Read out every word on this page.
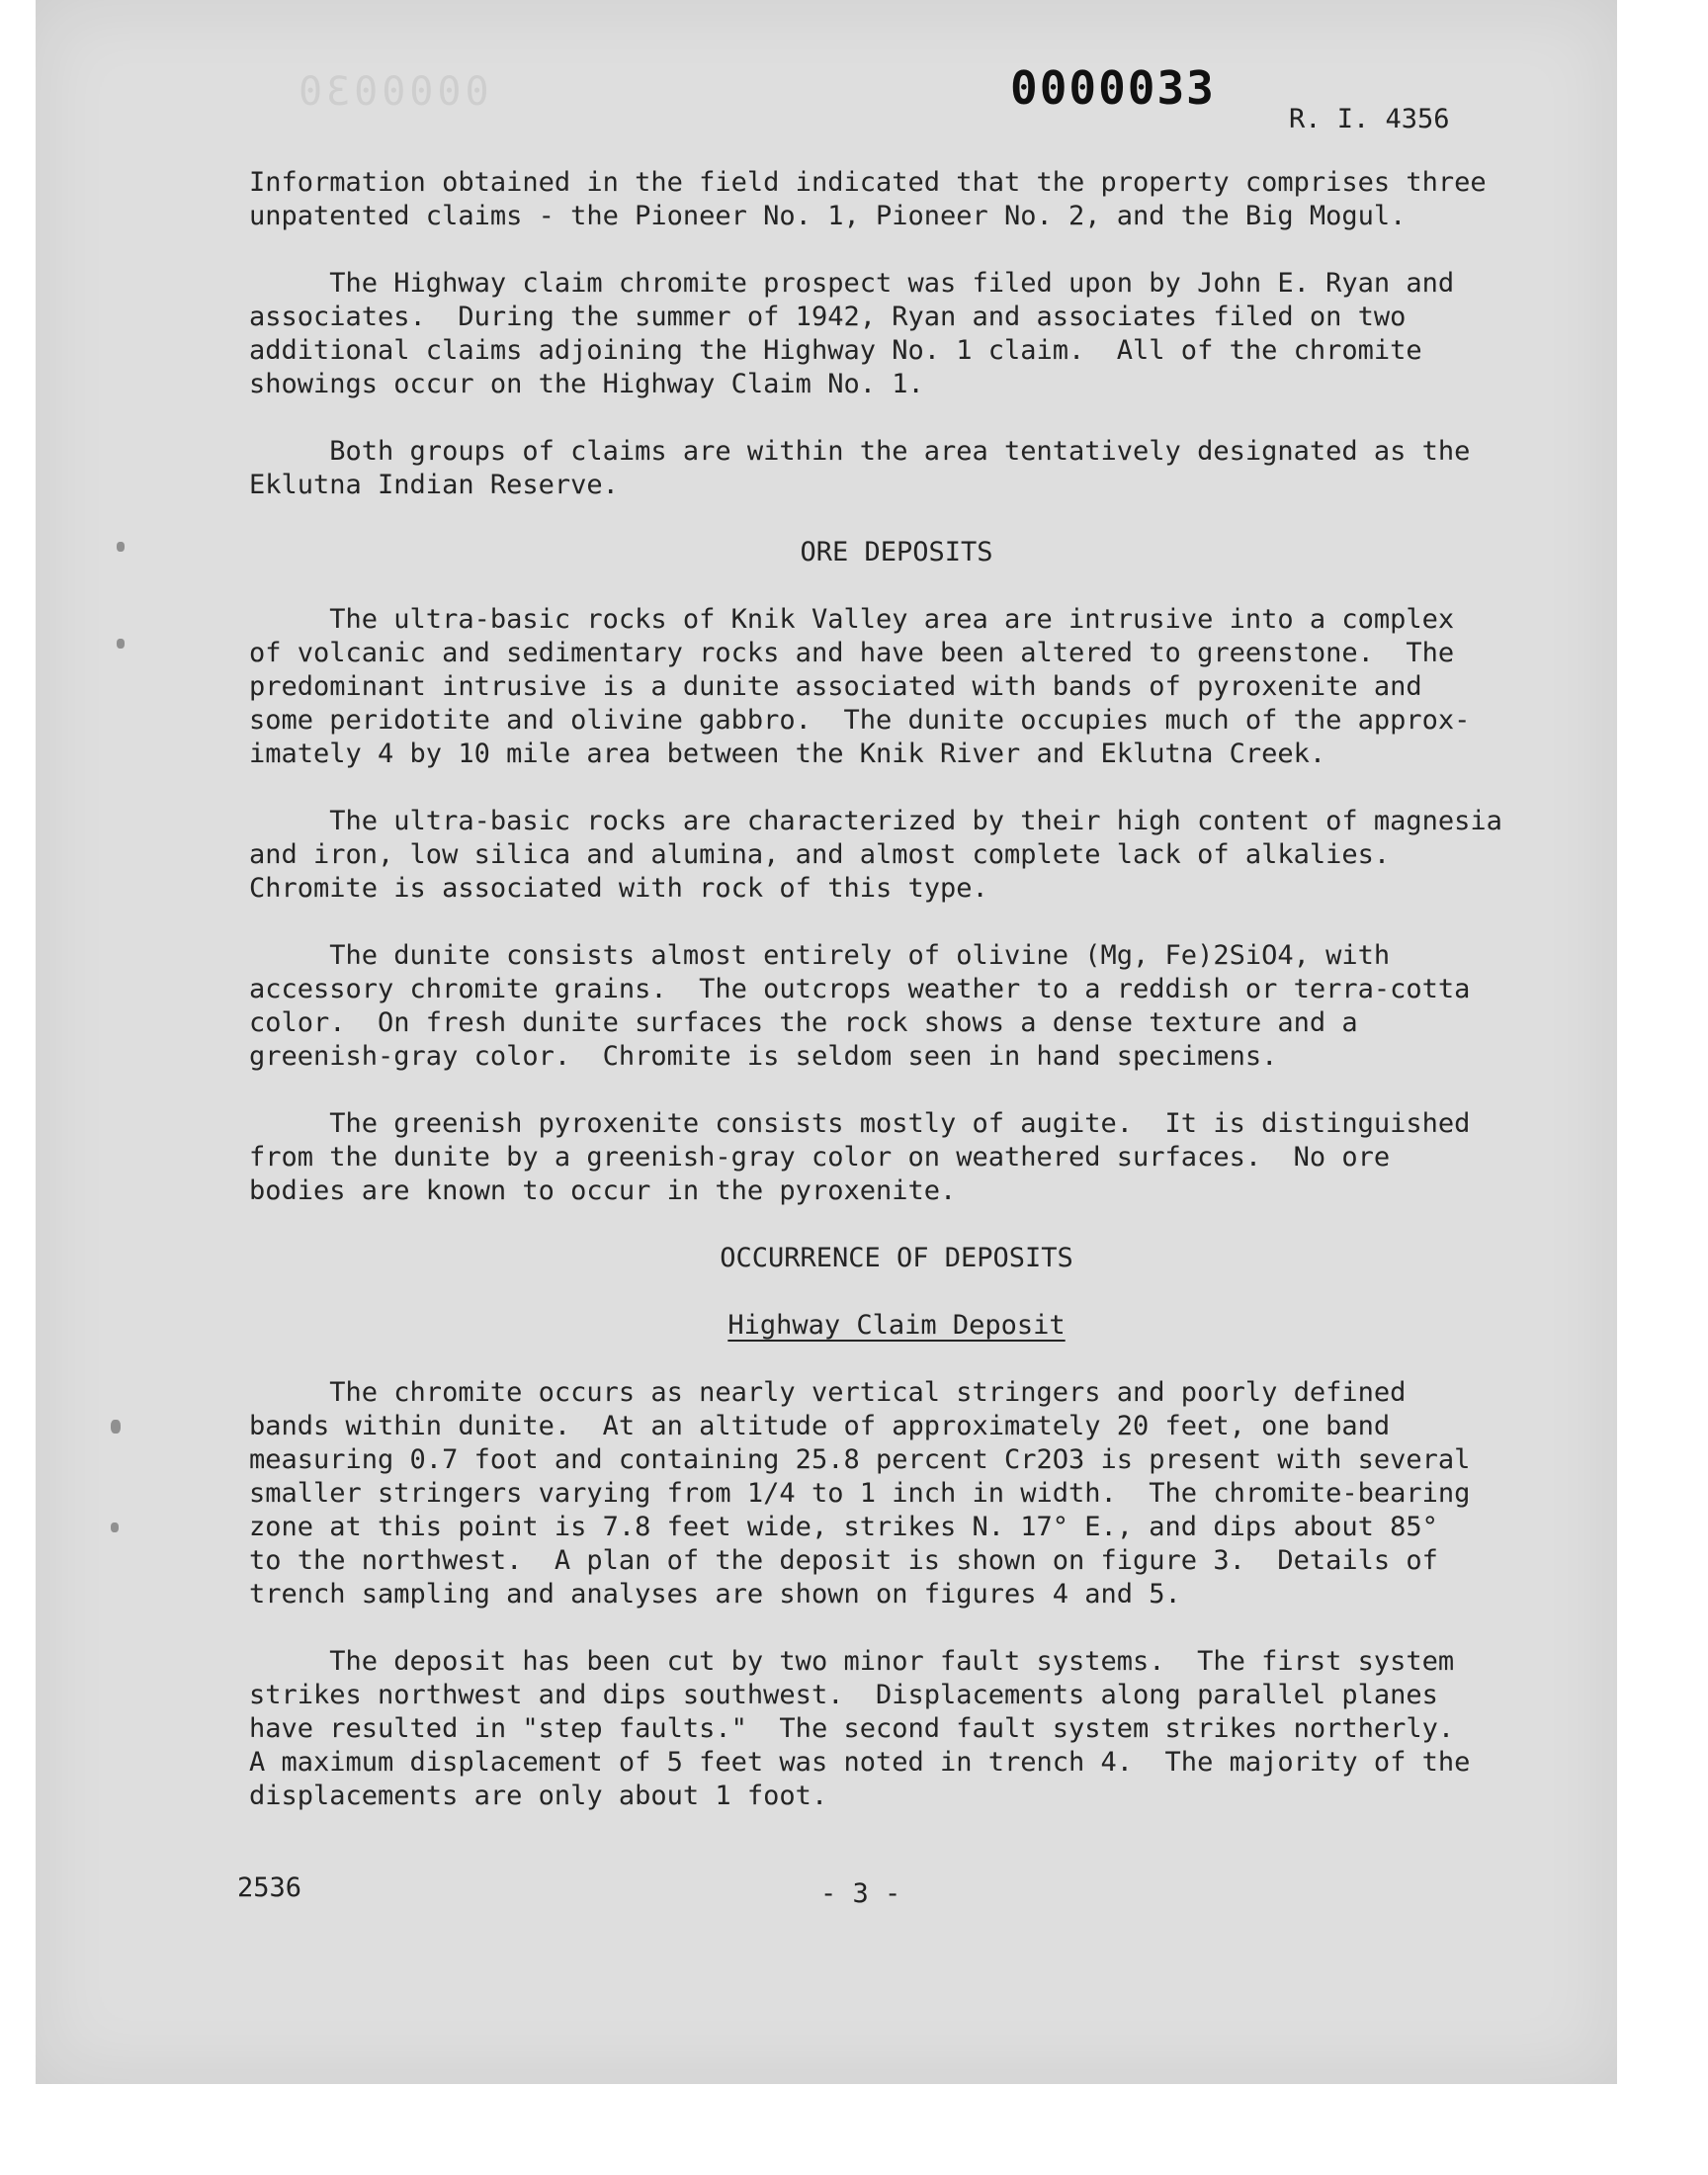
0000030	0000033
R. I. 4356

Information obtained in the field indicated that the property comprises three
unpatented claims - the Pioneer No. 1, Pioneer No. 2, and the Big Mogul.

The Highway claim chromite prospect was filed upon by John E. Ryan and
associates.  During the summer of 1942, Ryan and associates filed on two
additional claims adjoining the Highway No. 1 claim.  All of the chromite
showings occur on the Highway Claim No. 1.

Both groups of claims are within the area tentatively designated as the
Eklutna Indian Reserve.

ORE DEPOSITS

The ultra-basic rocks of Knik Valley area are intrusive into a complex
of volcanic and sedimentary rocks and have been altered to greenstone.  The
predominant intrusive is a dunite associated with bands of pyroxenite and
some peridotite and olivine gabbro.  The dunite occupies much of the approx-
imately 4 by 10 mile area between the Knik River and Eklutna Creek.

The ultra-basic rocks are characterized by their high content of magnesia
and iron, low silica and alumina, and almost complete lack of alkalies.
Chromite is associated with rock of this type.

The dunite consists almost entirely of olivine (Mg, Fe)2SiO4, with
accessory chromite grains.  The outcrops weather to a reddish or terra-cotta
color.  On fresh dunite surfaces the rock shows a dense texture and a
greenish-gray color.  Chromite is seldom seen in hand specimens.

The greenish pyroxenite consists mostly of augite.  It is distinguished
from the dunite by a greenish-gray color on weathered surfaces.  No ore
bodies are known to occur in the pyroxenite.

OCCURRENCE OF DEPOSITS
Highway Claim Deposit

The chromite occurs as nearly vertical stringers and poorly defined
bands within dunite.  At an altitude of approximately 20 feet, one band
measuring 0.7 foot and containing 25.8 percent Cr2O3 is present with several
smaller stringers varying from 1/4 to 1 inch in width.  The chromite-bearing
zone at this point is 7.8 feet wide, strikes N. 17° E., and dips about 85°
to the northwest.  A plan of the deposit is shown on figure 3.  Details of
trench sampling and analyses are shown on figures 4 and 5.

The deposit has been cut by two minor fault systems.  The first system
strikes northwest and dips southwest.  Displacements along parallel planes
have resulted in "step faults."  The second fault system strikes northerly.
A maximum displacement of 5 feet was noted in trench 4.  The majority of the
displacements are only about 1 foot.

2536	- 3 -
